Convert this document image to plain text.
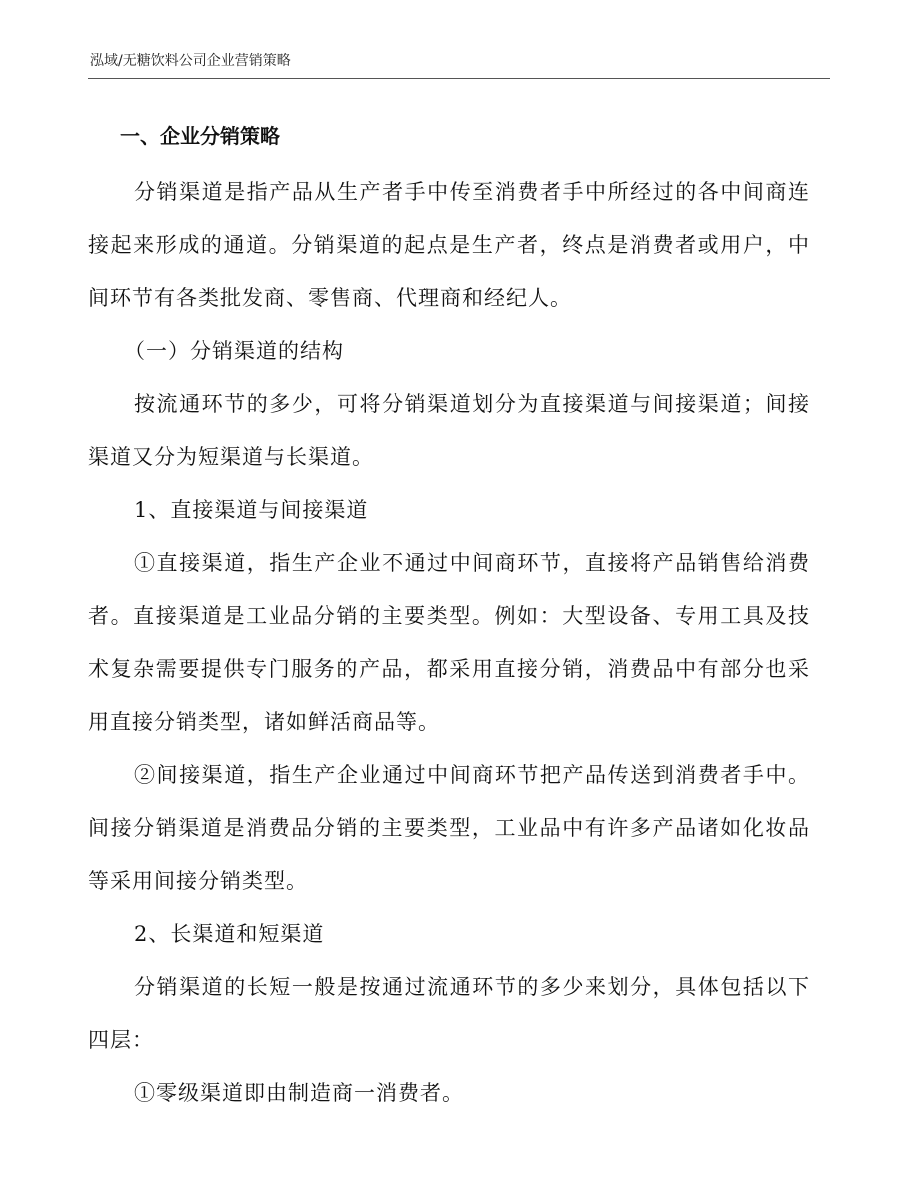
泓域/无糖饮料公司企业营销策略
一、企业分销策略

分销渠道是指产品从生产者手中传至消费者手中所经过的各中间商连接起来形成的通道。分销渠道的起点是生产者，终点是消费者或用户，中间环节有各类批发商、零售商、代理商和经纪人。

（一）分销渠道的结构

按流通环节的多少，可将分销渠道划分为直接渠道与间接渠道；间接渠道又分为短渠道与长渠道。

1、直接渠道与间接渠道

①直接渠道，指生产企业不通过中间商环节，直接将产品销售给消费者。直接渠道是工业品分销的主要类型。例如：大型设备、专用工具及技术复杂需要提供专门服务的产品，都采用直接分销，消费品中有部分也采用直接分销类型，诸如鲜活商品等。

②间接渠道，指生产企业通过中间商环节把产品传送到消费者手中。间接分销渠道是消费品分销的主要类型，工业品中有许多产品诸如化妆品等采用间接分销类型。

2、长渠道和短渠道

分销渠道的长短一般是按通过流通环节的多少来划分，具体包括以下四层：

①零级渠道即由制造商一消费者。
